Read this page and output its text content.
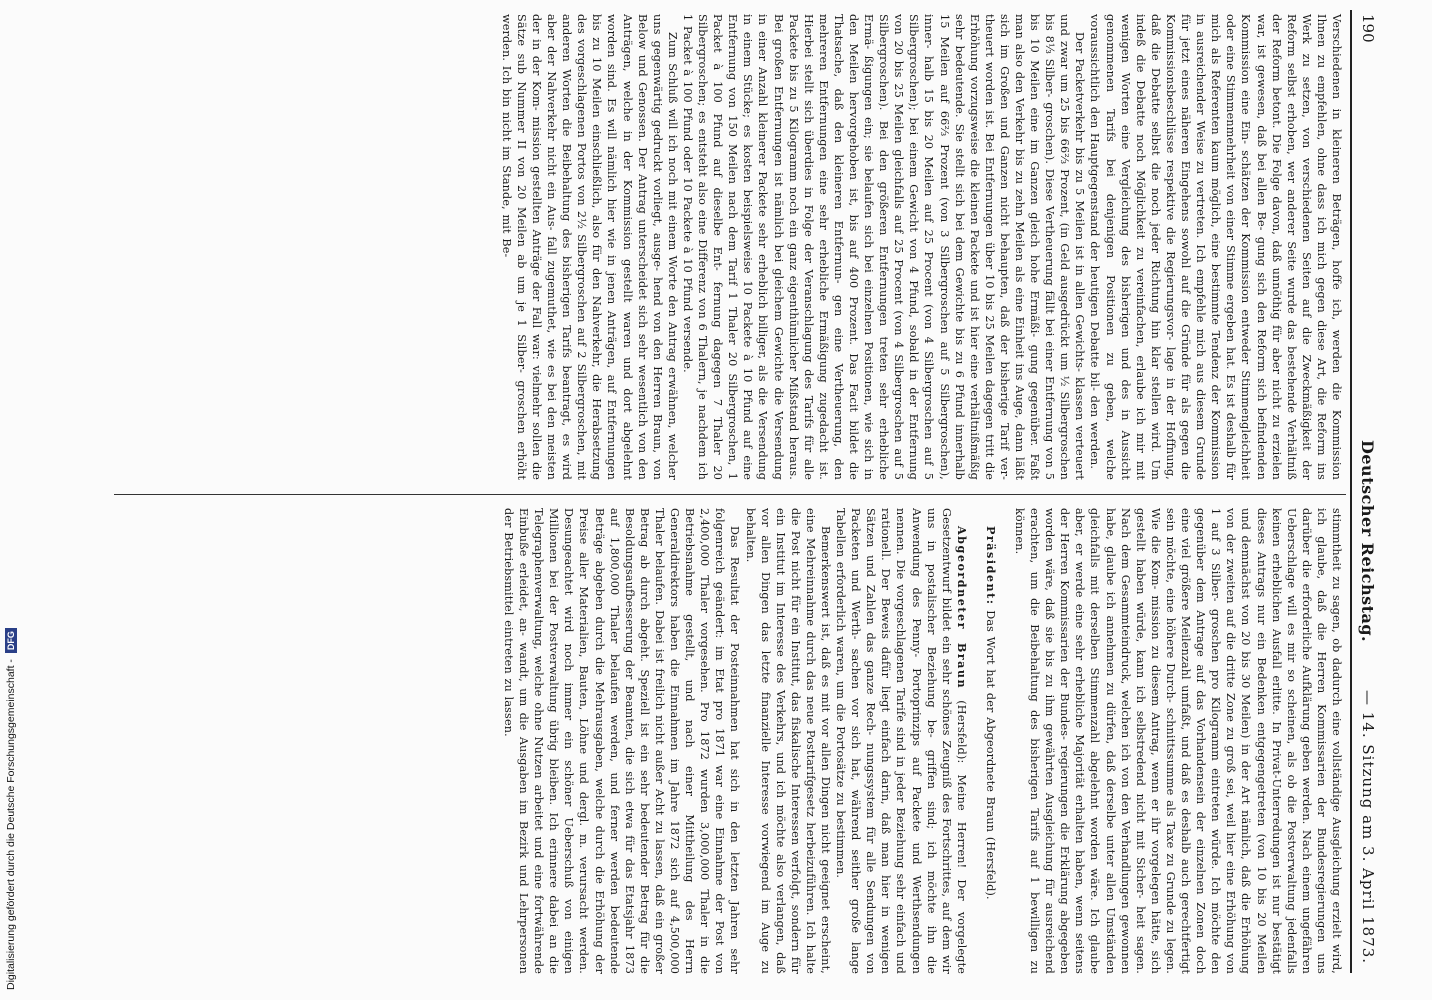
190
Deutscher Reichstag.
— 14. Sitzung am 3. April 1873.

Verschiedenen in kleineren Beträgen, hoffe ich, werden die Kommission Ihnen zu empfehlen, ohne dass ich mich gegen diese Art, die Reform ins Werk zu setzen, von verschiedenen Seiten auf die Zweckmäßigkeit der Reform selbst erhoben, wer anderer Seite wurde das bestehende Verhältniß der Reform betont. Die Folge davon, daß unnöthig für aber nicht zu erzielen war, ist gewesen, daß bei allen Be- gung sich den Reform sich befindenden Kommission eine Ein- schätzen der Kommission entweder Stimmengleichheit oder eine Stimmenmehrheit von einer Stimme ergeben hat. Es ist deshalb für mich als Referenten kaum möglich, eine bestimmte Tendenz der Kommission in ausreichender Weise zu vertreten. Ich empfehle mich aus diesem Grunde für jetzt eines näheren Eingehens sowohl auf die Gründe für als gegen die Kommissionsbeschlüsse respektive die Regierungsvor- lage in der Hoffnung, daß die Debatte selbst die noch jeder Richtung hin klar stellen wird. Um indeß die Debatte noch Möglichkeit zu vereinfachen, erlaube ich mir mit wenigen Worten eine Vergleichung des bisherigen und des in Aussicht genommenen Tarifs bei denjenigen Positionen zu geben, welche voraussichtlich den Hauptgegenstand der heutigen Debatte bil- den werden.

Der Packetverkehr bis zu 5 Meilen ist in allen Gewichts- klassen verteuert und zwar um 25 bis 66⅔ Prozent, (in Geld ausgedrückt um ½ Silbergroschen bis 8⅓ Silber- groschen). Diese Vertheuerung fällt bei einer Entfernung von 5 bis 10 Meilen eine im Ganzen gleich hohe Ermäßi- gung gegenüber. Faßt man also den Verkehr bis zu zehn Meilen als eine Einheit ins Auge, dann läßt sich im Großen und Ganzen nicht behaupten, daß der bisherige Tarif ver- theuert worden ist. Bei Entfernungen über 10 bis 25 Meilen dagegen tritt die Erhöhung vorzugsweise die kleinen Packete und ist hier eine verhältnißmäßig sehr bedeutende. Sie stellt sich bei dem Gewichte bis zu 6 Pfund innerhalb 15 Meilen auf 66⅔ Prozent (von 3 Silbergroschen auf 5 Silbergroschen), inner- halb 15 bis 20 Meilen auf 25 Procent (von 4 Silbergroschen auf 5 Silbergroschen); bei einem Gewicht von 4 Pfund, sobald in der Entfernung von 20 bis 25 Meilen gleichfalls auf 25 Procent (von 4 Silbergroschen auf 5 Silbergroschen). Bei den größeren Entfernungen treten sehr erhebliche Ermä- ßigungen ein; sie belaufen sich bei einzelnen Positionen, wie sich in den Meilen hervorgehoben ist, bis auf 400 Prozent. Das Facit bildet die Thatsache, daß den kleineren Entfernun- gen eine Vertheuerung, den mehreren Entfernungen eine sehr erhebliche Ermäßigung zugedacht ist. Hierbei stellt sich überdies in Folge der Veranschlagung des Tarifs für alle Packete bis zu 5 Kilogramm noch ein ganz eigenthümlicher Mißstand heraus. Bei großen Entfernungen ist nämlich bei gleichem Gewichte die Versendung in einer Anzahl kleinerer Packete sehr erheblich billiger, als die Versendung in einem Stücke; es kosten beispielsweise 10 Packete à 10 Pfund auf eine Entfernung von 150 Meilen nach dem Tarif 1 Thaler 20 Silbergroschen, 1 Packet à 100 Pfund auf dieselbe Ent- fernung dagegen 7 Thaler 20 Silbergroschen; es entsteht also eine Differenz von 6 Thalern, je nachdem ich 1 Packet à 100 Pfund oder 10 Packete à 10 Pfund versende.

Zum Schluß will ich noch mit einem Worte den Antrag erwähnen, welcher uns gegenwärtig gedruckt vorliegt, ausge- hend von den Herren Braun, von Below und Genossen. Der Antrag unterscheidet sich sehr wesentlich von den Anträgen, welche in der Kommission gestellt waren und dort abgelehnt worden sind. Es will nämlich hier wie in jenen Anträgen, auf Entfernungen bis zu 10 Meilen einschließlich, also für den Nahverkehr, die Herabsetzung des vorgeschlagenen Portos von 2½ Silbergroschen auf 2 Silbergroschen, mit anderen Worten die Beibehaltung des bisherigen Tarifs beantragt, es wird aber der Nahverkehr nicht ein Aus- fall zugemuthet, wie es bei den meisten der in der Kom- mission gestellten Anträge der Fall war: vielmehr sollen die Sätze sub Nummer II von 20 Meilen ab um je 1 Silber- groschen erhöht werden. Ich bin nicht im Stande, mit Be-

stimmtheit zu sagen, ob dadurch eine vollständige Ausgleichung erzielt wird, ich glaube, daß die Herren Kommissarien der Bundesregierungen uns darüber die erforderliche Aufklärung geben werden. Nach einem ungefähren Ueberschlage will es mir so scheinen, als ob die Postverwaltung jedenfalls keinen erheblichen Ausfall erlitte. In Privat-Unterredungen ist nur bestätigt dieses Antrags nur ein Bedenken entgegengetreten (von 10 bis 20 Meilen und demnächst von 20 bis 30 Meilen) in der Art nämlich, daß die Erhöhung von der zweiten auf die dritte Zone zu groß sei, weil hier eine Erhöhung von 1 auf 3 Silber- groschen pro Kilogramm eintreten würde. Ich möchte den gegenüber dem Antrage auf das Vorhandensein der einzelnen Zonen doch eine viel größere Meilenzahl umfaßt, und daß es deshalb auch gerechtfertigt sein möchte, eine höhere Durch- schnittssumme als Taxe zu Grunde zu legen. Wie die Kom- mission zu diesem Antrag, wenn er ihr vorgelegen hätte, sich gestellt haben würde, kann ich selbstredend nicht mit Sicher- heit sagen. Nach dem Gesammteindruck, welchen ich von den Verhandlungen gewonnen habe, glaube ich annehmen zu dürfen, daß derselbe unter allen Umständen gleichfalls mit derselben Stimmenzahl abgelehnt worden wäre. Ich glaube aber, er werde eine sehr erhebliche Majorität erhalten haben, wenn seitens der Herren Kommissarien der Bundes- regierungen die Erklärung abgegeben worden wäre, daß sie bis zu ihm gewährten Ausgleichung für ausreichend erachten, um die Beibehaltung des bisherigen Tarifs auf 1 bewilligen zu können.

Präsident: Das Wort hat der Abgeordnete Braun (Hersfeld).

Abgeordneter Braun (Hersfeld): Meine Herren! Der vorgelegte Gesetzentwurf bildet ein sehr schönes Zeugniß des Fortschrittes, auf dem wir uns in postalischer Beziehung be- griffen sind; ich möchte ihn die Anwendung des Penny- Portoprinzips auf Packete und Werthsendungen nennen. Die vorgeschlagenen Tarife sind in jeder Beziehung sehr einfach und rationell. Der Beweis dafür liegt einfach darin, daß man hier in wenigen Sätzen und Zahlen das ganze Rech- nungssystem für alle Sendungen von Packeten und Werth- sachen vor sich hat, während seither große lange Tabellen erforderlich waren, um die Portosätze zu bestimmen.

Bemerkenswert ist, daß es mit vor allen Dingen nicht geeignet erscheint, eine Mehreinnahme durch das neue Posttarifgesetz herbeizuführen. Ich halte die Post nicht für ein Institut, das fiskalische Interessen verfolgt, sondern für ein Institut im Interesse des Verkehrs, und ich möchte also verlangen, daß vor allen Dingen das letzte finanzielle Interesse vorwiegend im Auge zu behalten.

Das Resultat der Posteinnahmen hat sich in den letzten Jahren sehr folgenreich geändert: im Etat pro 1871 war eine Einnahme der Post von 2,400,000 Thaler vorgesehen. Pro 1872 wurden 3,000,000 Thaler in die Betriebsnahme gestellt, und nach einer Mittheilung des Herrn Generaldirektors haben die Einnahmen im Jahre 1872 sich auf 4,500,000 Thaler belaufen. Dabei ist freilich nicht außer Acht zu lassen, daß ein großer Betrag ab durch abgeht. Speziell ist ein sehr bedeutender Betrag für die Besoldungsaufbesserung der Beamten, die sich etwa für das Etatsjahr 1873 auf 1,800,000 Thaler belaufen werden, und ferner werden bedeutende Beträge abgeben durch die Mehrausgaben, welche durch die Erhöhung der Preise aller Materialien, Bauten, Löhne und dergl. m. verursacht werden. Desungeachtet wird noch immer ein schöner Ueberschuß von einigen Millionen bei der Postverwaltung übrig bleiben. Ich erinnere dabei an die Telegraphenverwaltung, welche ohne Nutzen arbeitet und eine fortwährende Einbuße erleidet, an- wandt, um die Ausgaben im Bezirk und Lehrpersonen der Betriebsmittel eintreten zu lassen.

Digitalisierung gefördert durch die Deutsche Forschungsgemeinschaft -
DFG
